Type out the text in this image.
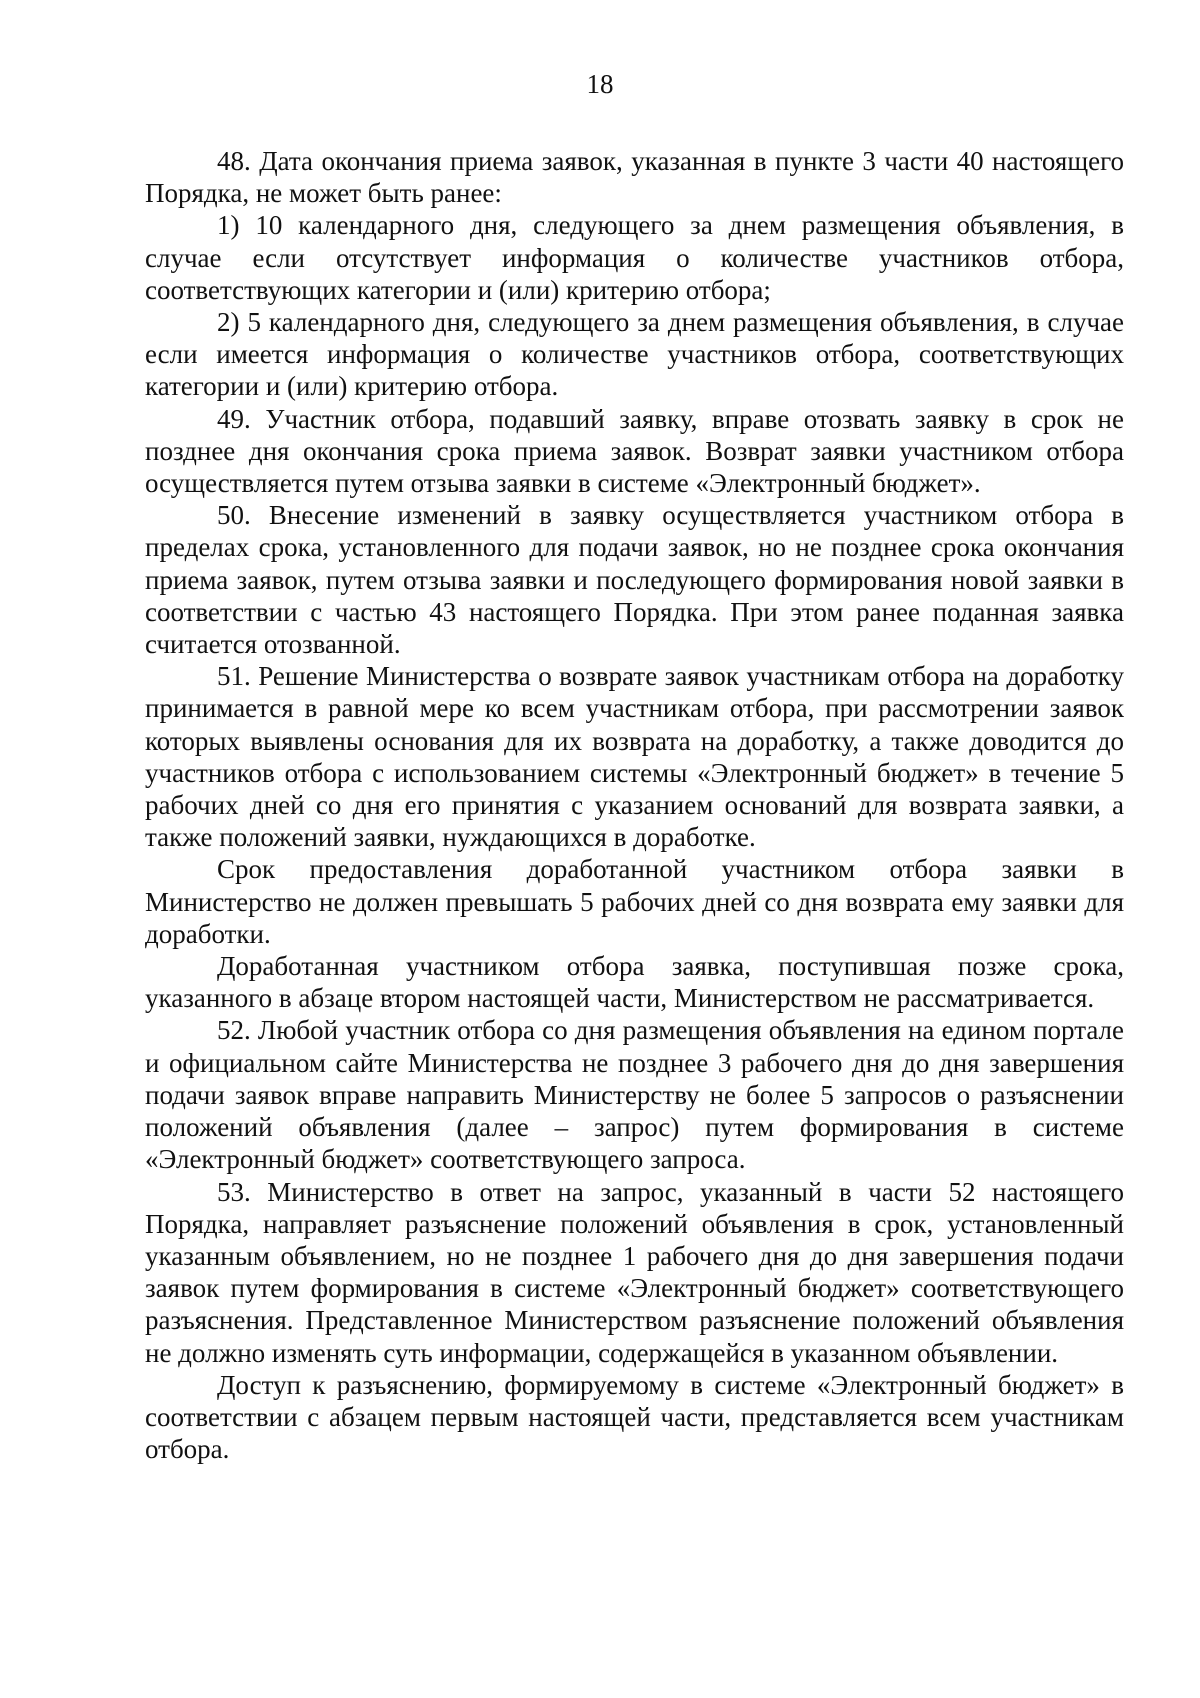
18

48. Дата окончания приема заявок, указанная в пункте 3 части 40 настоящего Порядка, не может быть ранее:

1) 10 календарного дня, следующего за днем размещения объявления, в случае если отсутствует информация о количестве участников отбора, соответствующих категории и (или) критерию отбора;

2) 5 календарного дня, следующего за днем размещения объявления, в случае если имеется информация о количестве участников отбора, соответствующих категории и (или) критерию отбора.

49. Участник отбора, подавший заявку, вправе отозвать заявку в срок не позднее дня окончания срока приема заявок. Возврат заявки участником отбора осуществляется путем отзыва заявки в системе «Электронный бюджет».

50. Внесение изменений в заявку осуществляется участником отбора в пределах срока, установленного для подачи заявок, но не позднее срока окончания приема заявок, путем отзыва заявки и последующего формирования новой заявки в соответствии с частью 43 настоящего Порядка. При этом ранее поданная заявка считается отозванной.

51. Решение Министерства о возврате заявок участникам отбора на доработку принимается в равной мере ко всем участникам отбора, при рассмотрении заявок которых выявлены основания для их возврата на доработку, а также доводится до участников отбора с использованием системы «Электронный бюджет» в течение 5 рабочих дней со дня его принятия с указанием оснований для возврата заявки, а также положений заявки, нуждающихся в доработке.

Срок предоставления доработанной участником отбора заявки в Министерство не должен превышать 5 рабочих дней со дня возврата ему заявки для доработки.

Доработанная участником отбора заявка, поступившая позже срока, указанного в абзаце втором настоящей части, Министерством не рассматривается.

52. Любой участник отбора со дня размещения объявления на едином портале и официальном сайте Министерства не позднее 3 рабочего дня до дня завершения подачи заявок вправе направить Министерству не более 5 запросов о разъяснении положений объявления (далее – запрос) путем формирования в системе «Электронный бюджет» соответствующего запроса.

53. Министерство в ответ на запрос, указанный в части 52 настоящего Порядка, направляет разъяснение положений объявления в срок, установленный указанным объявлением, но не позднее 1 рабочего дня до дня завершения подачи заявок путем формирования в системе «Электронный бюджет» соответствующего разъяснения. Представленное Министерством разъяснение положений объявления не должно изменять суть информации, содержащейся в указанном объявлении.

Доступ к разъяснению, формируемому в системе «Электронный бюджет» в соответствии с абзацем первым настоящей части, представляется всем участникам отбора.
